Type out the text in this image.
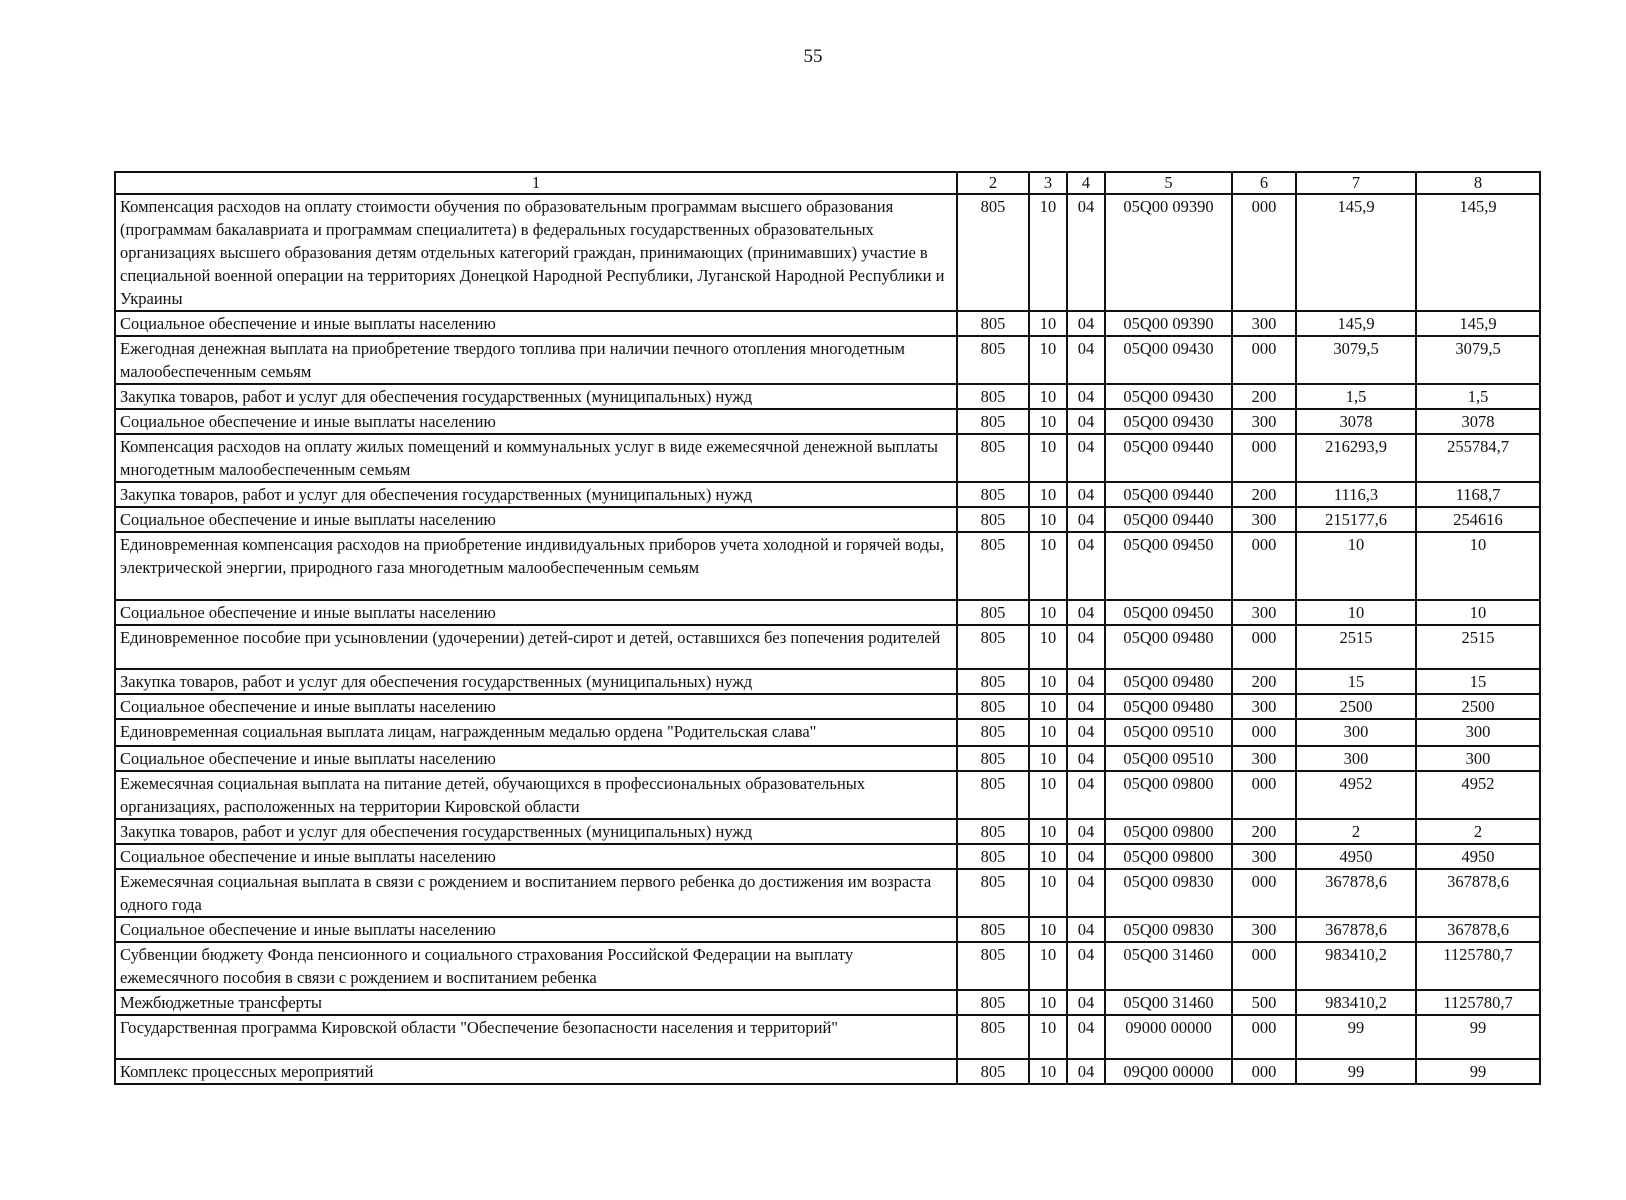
55
1	2	3	4	5	6	7	8
Компенсация расходов на оплату стоимости обучения по образовательным программам высшего образования (программам бакалавриата и программам специалитета) в федеральных государственных образовательных организациях высшего образования детям отдельных категорий граждан, принимающих (принимавших) участие в специальной военной операции на территориях Донецкой Народной Республики, Луганской Народной Республики и Украины	805	10	04	05Q00 09390	000	145,9	145,9
Социальное обеспечение и иные выплаты населению	805	10	04	05Q00 09390	300	145,9	145,9
Ежегодная денежная выплата на приобретение твердого топлива при наличии печного отопления многодетным малообеспеченным семьям	805	10	04	05Q00 09430	000	3079,5	3079,5
Закупка товаров, работ и услуг для обеспечения государственных (муниципальных) нужд	805	10	04	05Q00 09430	200	1,5	1,5
Социальное обеспечение и иные выплаты населению	805	10	04	05Q00 09430	300	3078	3078
Компенсация расходов на оплату жилых помещений и коммунальных услуг в виде ежемесячной денежной выплаты многодетным малообеспеченным семьям	805	10	04	05Q00 09440	000	216293,9	255784,7
Закупка товаров, работ и услуг для обеспечения государственных (муниципальных) нужд	805	10	04	05Q00 09440	200	1116,3	1168,7
Социальное обеспечение и иные выплаты населению	805	10	04	05Q00 09440	300	215177,6	254616
Единовременная компенсация расходов на приобретение индивидуальных приборов учета холодной и горячей воды, электрической энергии, природного газа многодетным малообеспеченным семьям	805	10	04	05Q00 09450	000	10	10
Социальное обеспечение и иные выплаты населению	805	10	04	05Q00 09450	300	10	10
Единовременное пособие при усыновлении (удочерении) детей-сирот и детей, оставшихся без попечения родителей	805	10	04	05Q00 09480	000	2515	2515
Закупка товаров, работ и услуг для обеспечения государственных (муниципальных) нужд	805	10	04	05Q00 09480	200	15	15
Социальное обеспечение и иные выплаты населению	805	10	04	05Q00 09480	300	2500	2500
Единовременная социальная выплата лицам, награжденным медалью ордена "Родительская слава"	805	10	04	05Q00 09510	000	300	300
Социальное обеспечение и иные выплаты населению	805	10	04	05Q00 09510	300	300	300
Ежемесячная социальная выплата на питание детей, обучающихся в профессиональных образовательных организациях, расположенных на территории Кировской области	805	10	04	05Q00 09800	000	4952	4952
Закупка товаров, работ и услуг для обеспечения государственных (муниципальных) нужд	805	10	04	05Q00 09800	200	2	2
Социальное обеспечение и иные выплаты населению	805	10	04	05Q00 09800	300	4950	4950
Ежемесячная социальная выплата в связи с рождением и воспитанием первого ребенка до достижения им возраста одного года	805	10	04	05Q00 09830	000	367878,6	367878,6
Социальное обеспечение и иные выплаты населению	805	10	04	05Q00 09830	300	367878,6	367878,6
Субвенции бюджету Фонда пенсионного и социального страхования Российской Федерации на выплату ежемесячного пособия в связи с рождением и воспитанием ребенка	805	10	04	05Q00 31460	000	983410,2	1125780,7
Межбюджетные трансферты	805	10	04	05Q00 31460	500	983410,2	1125780,7
Государственная программа Кировской области "Обеспечение безопасности населения и территорий"	805	10	04	09000 00000	000	99	99
Комплекс процессных мероприятий	805	10	04	09Q00 00000	000	99	99
